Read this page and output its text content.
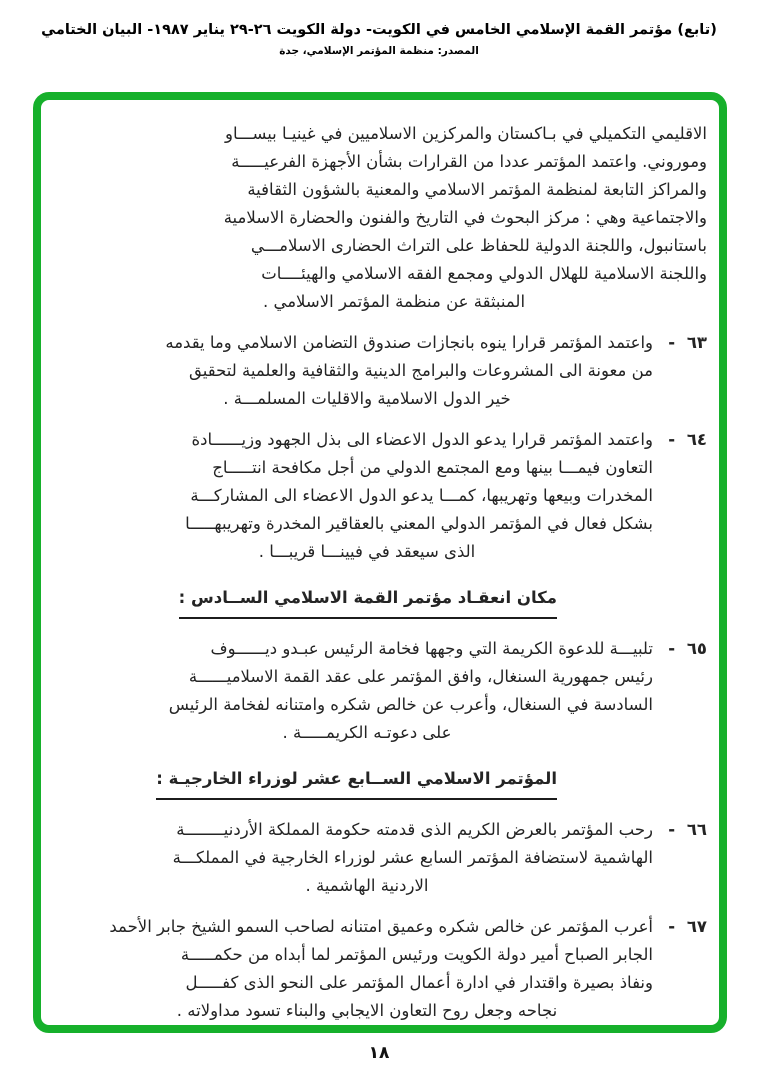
(تابع) مؤتمر القمة الإسلامي الخامس في الكويت- دولة الكويت ٢٦-٢٩ يناير ١٩٨٧- البيان الختامي
المصدر: منظمة المؤتمر الإسلامي، جدة
الاقليمي التكميلي في بـاكستان والمركزين الاسلاميين في غينيـا بيســـاو
وموروني. واعتمد المؤتمر عددا من القرارات بشأن الأجهزة الفرعيـــــة
والمراكز التابعة لمنظمة المؤتمر الاسلامي والمعنية بالشؤون الثقافية
والاجتماعية وهي : مركز البحوث في التاريخ والفنون والحضارة الاسلامية
باستانبول، واللجنة الدولية للحفاظ على التراث الحضارى الاسلامـــي
واللجنة الاسلامية للهلال الدولي ومجمع الفقه الاسلامي والهيئــــات
المنبثقة عن منظمة المؤتمر الاسلامي .
٦٣ -
واعتمد المؤتمر قرارا ينوه بانجازات صندوق التضامن الاسلامي وما يقدمه
من معونة الى المشروعات والبرامج الدينية والثقافية والعلمية لتحقيق
خير الدول الاسلامية والاقليات المسلمـــة .
٦٤ -
واعتمد المؤتمر قرارا يدعو الدول الاعضاء الى بذل الجهود وزيــــــادة
التعاون فيمـــا بينها ومع المجتمع الدولي من أجل مكافحة انتـــــاج
المخدرات وبيعها وتهريبها، كمـــا يدعو الدول الاعضاء الى المشاركـــة
بشكل فعال في المؤتمر الدولي المعني بالعقاقير المخدرة وتهريبهـــــا
الذى سيعقد في فيينـــا قريبـــا .
مكان انعقـاد مؤتمر القمة الاسلامي الســادس :
٦٥ -
تلبيـــة للدعوة الكريمة التي وجهها فخامة الرئيس عبـدو ديــــــوف
رئيس جمهورية السنغال، وافق المؤتمر على عقد القمة الاسلاميــــــة
السادسة في السنغال، وأعرب عن خالص شكره وامتنانه لفخامة الرئيس
على دعوتـه الكريمـــــة .
المؤتمر الاسلامي الســابع عشر لوزراء الخارجيـة :
٦٦ -
رحب المؤتمر بالعرض الكريم الذى قدمته حكومة المملكة الأردنيــــــــة
الهاشمية لاستضافة المؤتمر السابع عشر لوزراء الخارجية في المملكـــة
الاردنية الهاشمية .
٦٧ -
أعرب المؤتمر عن خالص شكره وعميق امتنانه لصاحب السمو الشيخ جابر الأحمد
الجابر الصباح أمير دولة الكويت ورئيس المؤتمر لما أبداه من حكمـــــة
ونفاذ بصيرة واقتدار في ادارة أعمال المؤتمر على النحو الذى كفـــــل
نجاحه وجعل روح التعاون الايجابي والبناء تسود مداولاته .
١٨
